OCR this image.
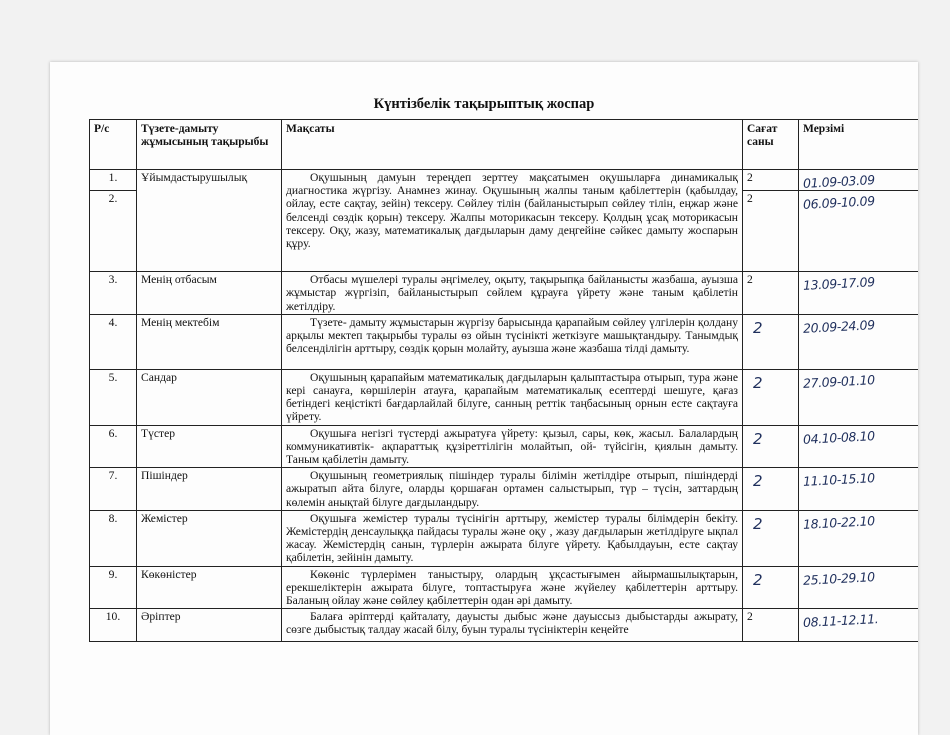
Күнтізбелік тақырыптық жоспар
Р/с	Түзете-дамыту жұмысының тақырыбы	Мақсаты	Сағат саны	Мерзімі
1.	Ұйымдастырушылық	Оқушының дамуын тереңдеп зерттеу мақсатымен оқушыларға динамикалық диагностика жүргізу. Анамнез жинау. Оқушының жалпы таным қабілеттерін (қабылдау, ойлау, есте сақтау, зейін) тексеру. Сөйлеу тілін (байланыстырып сөйлеу тілін, еңжар және белсенді сөздік қорын) тексеру. Жалпы моторикасын тексеру. Қолдың ұсақ моторикасын тексеру. Оқу, жазу, математикалық дағдыларын даму деңгейіне сәйкес дамыту жоспарын құру.	2	01.09-03.09
2.			2	06.09-10.09
3.	Менің отбасым	Отбасы мүшелері туралы әңгімелеу, оқыту, тақырыпқа байланысты жазбаша, ауызша жұмыстар жүргізіп, байланыстырып сөйлем құрауға үйрету және таным қабілетін жетілдіру.	2	13.09-17.09
4.	Менің мектебім	Түзете- дамыту жұмыстарын жүргізу барысында қарапайым сөйлеу үлгілерін қолдану арқылы мектеп тақырыбы туралы өз ойын түсінікті жеткізуге машықтандыру. Танымдық белсенділігін арттыру, сөздік қорын молайту, ауызша және жазбаша тілді дамыту.	2	20.09-24.09
5.	Сандар	Оқушының қарапайым математикалық дағдыларын қалыптастыра отырып, тура және кері санауға, көршілерін атауға, қарапайым математикалық есептерді шешуге, қағаз бетіндегі кеңістікті бағдарлайлай білуге, санның реттік таңбасының орнын есте сақтауға үйрету.	2	27.09-01.10
6.	Түстер	Оқушыға негізгі түстерді ажыратуға үйрету: қызыл, сары, көк, жасыл. Балалардың коммуникативтік- ақпараттық құзіреттілігін молайтып, ой- түйсігін, қиялын дамыту. Таным қабілетін дамыту.	2	04.10-08.10
7.	Пішіндер	Оқушының геометриялық пішіндер туралы білімін жетілдіре отырып, пішіндерді ажыратып айта білуге, оларды қоршаған ортамен салыстырып, түр – түсін, заттардың көлемін анықтай білуге дағдыландыру.	2	11.10-15.10
8.	Жемістер	Оқушыға жемістер туралы түсінігін арттыру, жемістер туралы білімдерін бекіту. Жемістердің денсаулыққа пайдасы туралы және оқу , жазу дағдыларын жетілдіруге ықпал жасау. Жемістердің санын, түрлерін ажырата білуге үйрету. Қабылдауын, есте сақтау қабілетін, зейінін дамыту.	2	18.10-22.10
9.	Көкөністер	Көкөніс түрлерімен таныстыру, олардың ұқсастығымен айырмашылықтарын, ерекшеліктерін ажырата білуге, топтастыруға және жүйелеу қабілеттерін арттыру. Баланың ойлау және сөйлеу қабілеттерін одан әрі дамыту.	2	25.10-29.10
10.	Әріптер	Балаға әріптерді қайталату, дауысты дыбыс және дауыссыз дыбыстарды ажырату, сөзге дыбыстық талдау жасай білу, буын туралы түсініктерін кеңейте	2	08.11-12.11.
